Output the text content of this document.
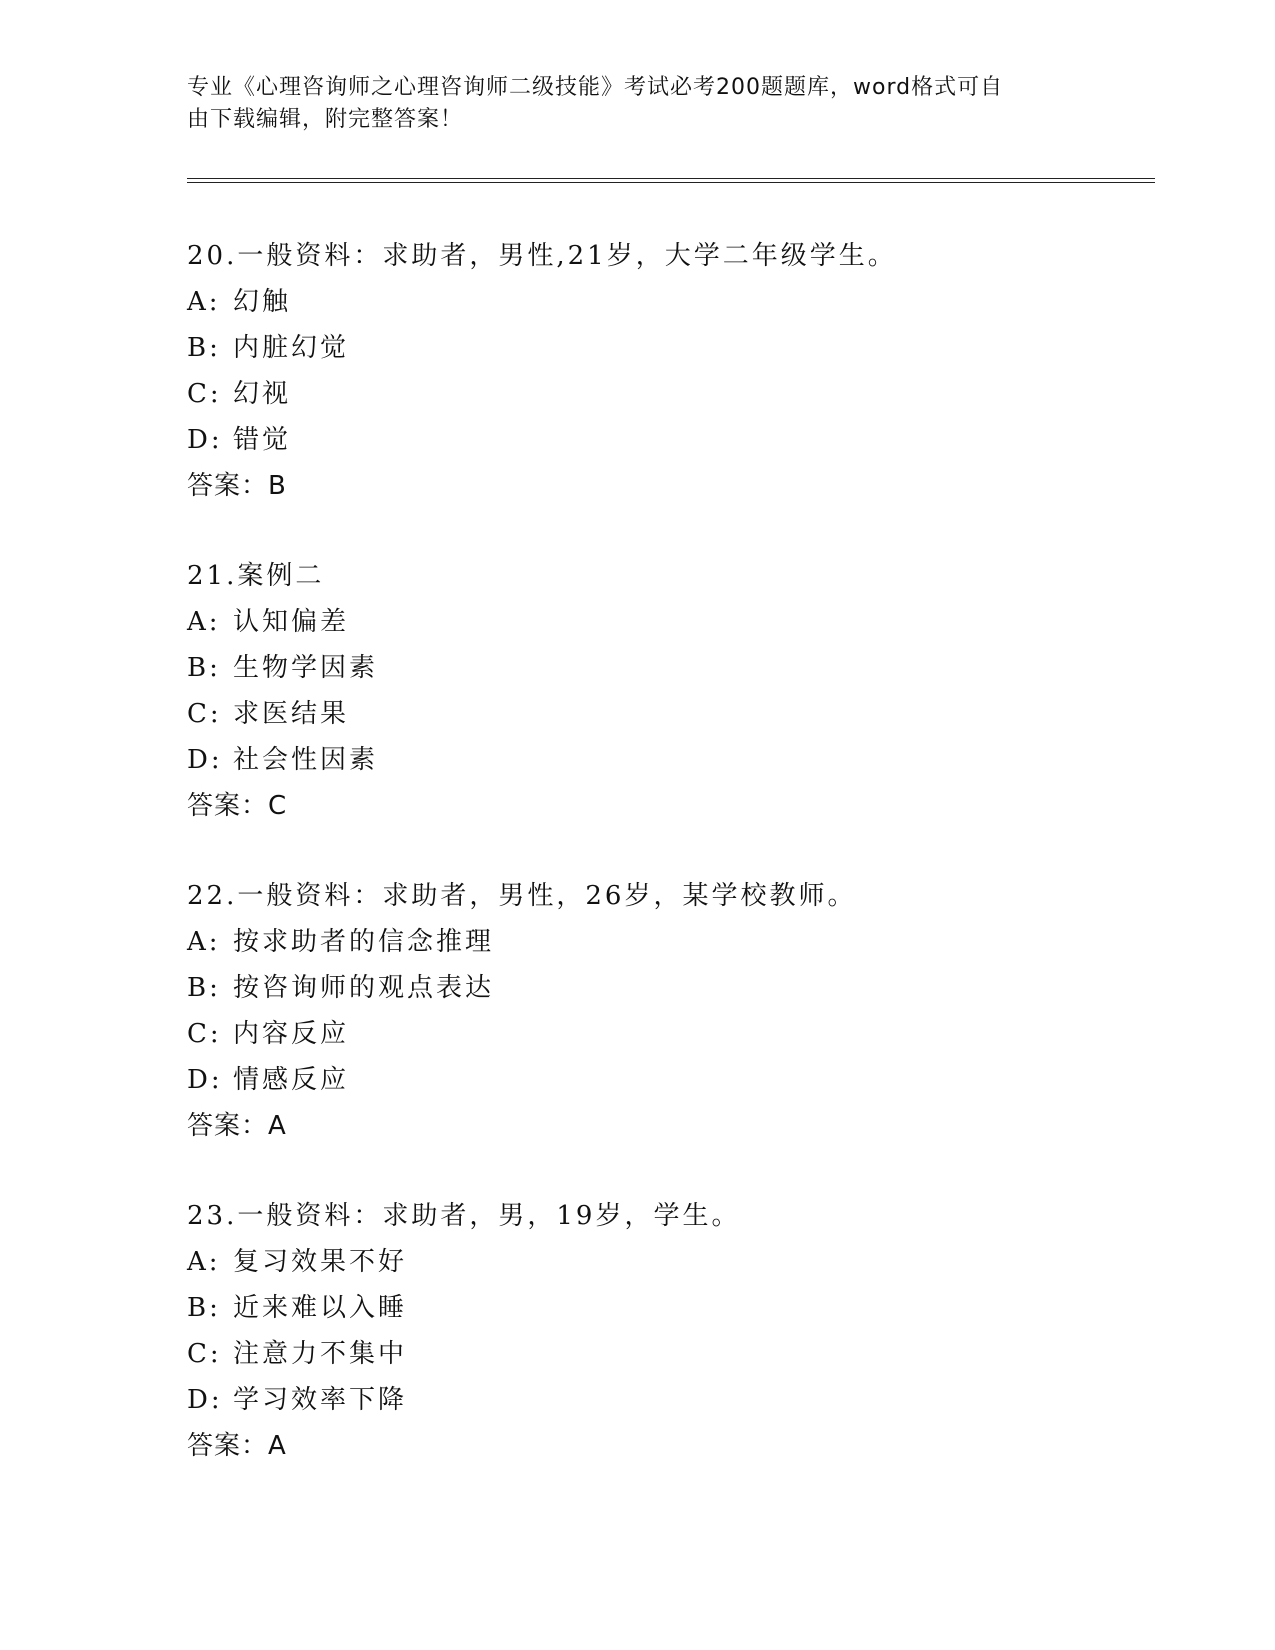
专业《心理咨询师之心理咨询师二级技能》考试必考200题题库，word格式可自
由下载编辑，附完整答案！
20.一般资料：求助者，男性,21岁，大学二年级学生。
A: 幻触
B: 内脏幻觉
C: 幻视
D: 错觉
答案：B
21.案例二
A: 认知偏差
B: 生物学因素
C: 求医结果
D: 社会性因素
答案：C
22.一般资料：求助者，男性，26岁，某学校教师。
A: 按求助者的信念推理
B: 按咨询师的观点表达
C: 内容反应
D: 情感反应
答案：A
23.一般资料：求助者，男，19岁，学生。
A: 复习效果不好
B: 近来难以入睡
C: 注意力不集中
D: 学习效率下降
答案：A
